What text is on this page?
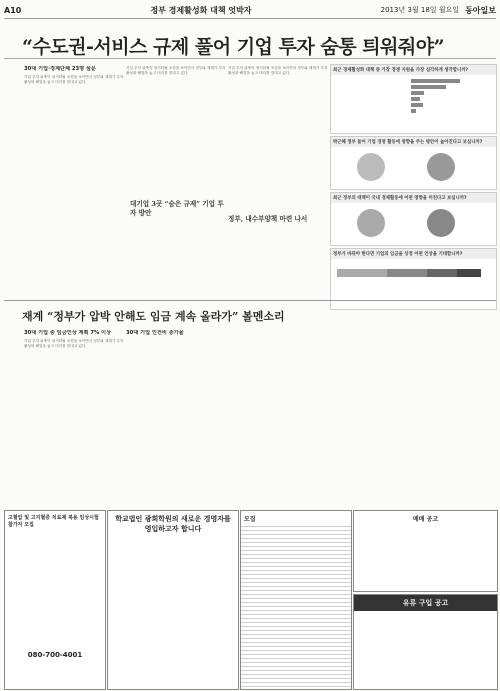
A10	정부 경제활성화 대책 엇박자	2013년 3월 18일 월요일 동아일보
“수도권-서비스 규제 풀어 기업 투자 숨통 틔워줘야”
30대 기업·경제단체 23명 설문

기업 투자 위축이 장기화될 조짐을 보이면서 정부와 재계가 투자 활성화 해법을 놓고 머리를 맞대고 있다.

기업 투자 위축이 장기화될 조짐을 보이면서 정부와 재계가 투자 활성화 해법을 놓고 머리를 맞대고 있다.

기업 투자 위축이 장기화될 조짐을 보이면서 정부와 재계가 투자 활성화 해법을 놓고 머리를 맞대고 있다.

대기업 3곳 “숨은 규제” 기업 투자 방안
정부, 내수부양책 마련 나서
최근 경제활성화 대책 중 가장 경쟁 지원을 가장 심각하게 생각합니까?
박근혜 정부 들어 기업 경영 활동에 영향을 주는 방안이 높아진다고 보십니까?
최근 정부의 대책이 국내 경제활동에 어떤 영향을 미친다고 보십니까?
정부가 바꿔야 한다면 기업의 임금을 상정 어떤 인상을 기대합니까?
재계 “정부가 압박 안해도 임금 계속 올라가” 볼멘소리
30대 기업 중 임금인상 계획 7% 이상

기업 투자 위축이 장기화될 조짐을 보이면서 정부와 재계가 투자 활성화 해법을 놓고 머리를 맞대고 있다.

30대 기업 인건비 증가율
고혈압 및 고지혈증 치료제 복용 임상시험 참가자 모집
080-700-4001
학교법인 광희학원의 새로운 경영자를 영입하고자 합니다
모집	매매 공고
유류 구입 공고
